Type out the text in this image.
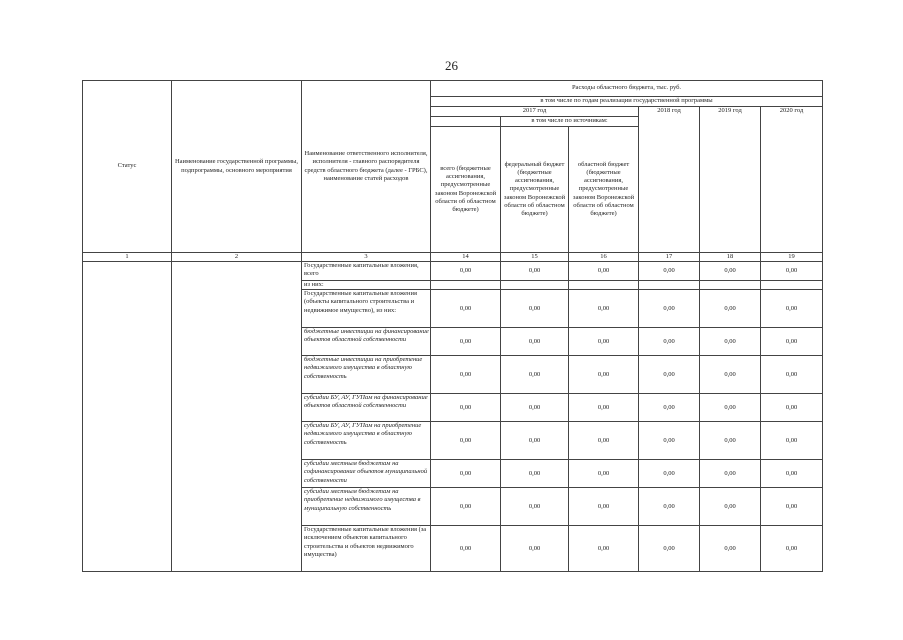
26
Статус	Наименование государственной программы, подпрограммы, основного мероприятия	Наименование ответственного исполнителя, исполнителя - главного распорядителя средств областного бюджета (далее - ГРБС), наименование статей расходов	Расходы областного бюджета, тыс. руб.					
			в том числе по годам реализации государственной программы					
			2017 год			2018 год	2019 год	2020 год
				в том числе по источникам:				
			всего (бюджетные ассигнования, предусмотренные законом Воронежской области об областном бюджете)	федеральный бюджет (бюджетные ассигнования, предусмотренные законом Воронежской области об областном бюджете)	областной бюджет (бюджетные ассигнования, предусмотренные законом Воронежской области об областном бюджете)			
1	2	3	14	15	16	17	18	19
		Государственные капитальные вложения, всего	0,00	0,00	0,00	0,00	0,00	0,00
		из них:						
		Государственные капитальные вложения (объекты капитального строительства и недвижимое имущество), из них:	0,00	0,00	0,00	0,00	0,00	0,00
		бюджетные инвестиции на финансирование объектов областной собственности	0,00	0,00	0,00	0,00	0,00	0,00
		бюджетные инвестиции на приобретение недвижимого имущества в областную собственность	0,00	0,00	0,00	0,00	0,00	0,00
		субсидии БУ, АУ, ГУПам на финансирование объектов областной собственности	0,00	0,00	0,00	0,00	0,00	0,00
		субсидии БУ, АУ, ГУПам на приобретение недвижимого имущества в областную собственность	0,00	0,00	0,00	0,00	0,00	0,00
		субсидии местным бюджетам на софинансирование объектов муниципальной собственности	0,00	0,00	0,00	0,00	0,00	0,00
		субсидии местным бюджетам на приобретение недвижимого имущества в муниципальную собственность	0,00	0,00	0,00	0,00	0,00	0,00
		Государственные капитальные вложения (за исключением объектов капитального строительства и объектов недвижимого имущества)	0,00	0,00	0,00	0,00	0,00	0,00
